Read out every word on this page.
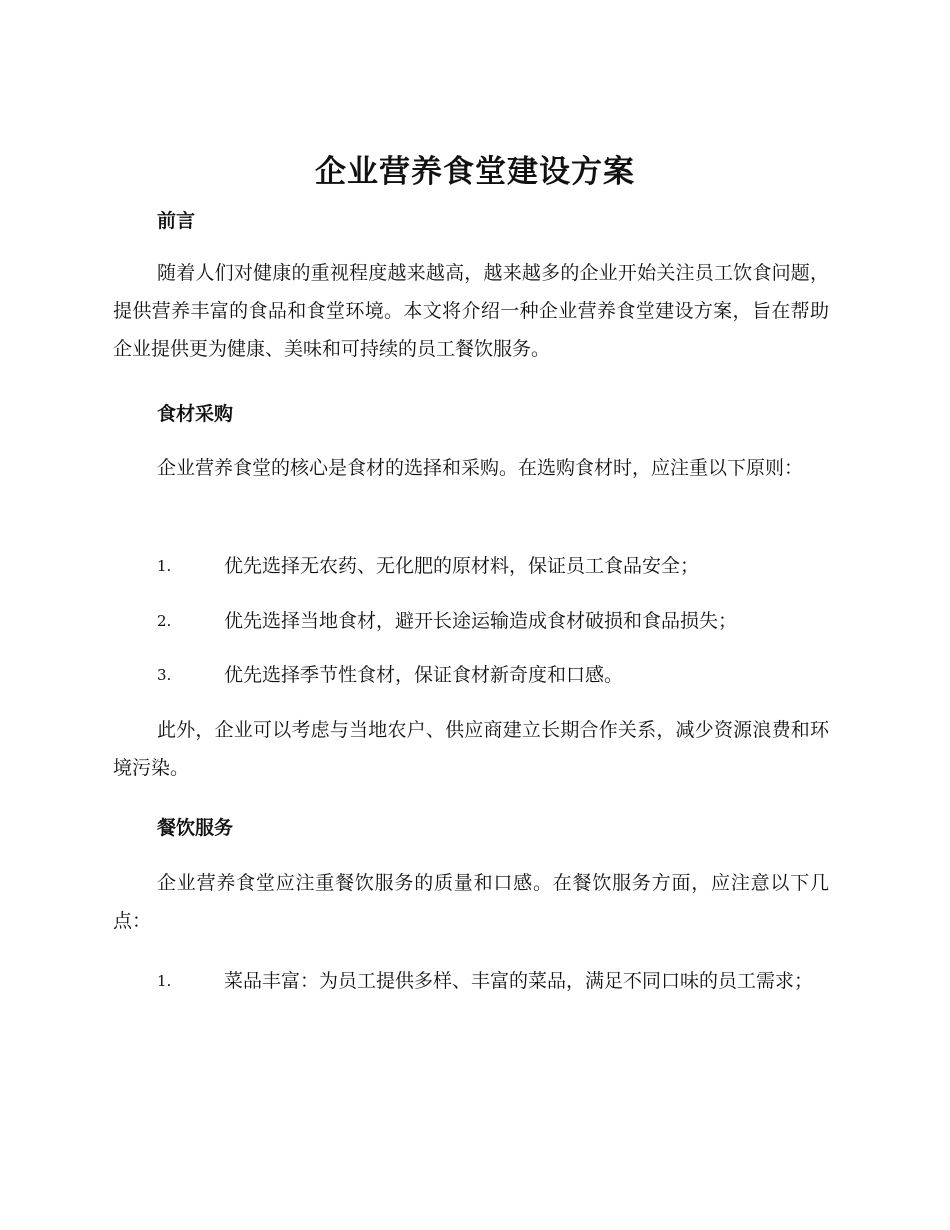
企业营养食堂建设方案
前言

随着人们对健康的重视程度越来越高，越来越多的企业开始关注员工饮食问题，提供营养丰富的食品和食堂环境。本文将介绍一种企业营养食堂建设方案，旨在帮助企业提供更为健康、美味和可持续的员工餐饮服务。

食材采购

企业营养食堂的核心是食材的选择和采购。在选购食材时，应注重以下原则：

1.	优先选择无农药、无化肥的原材料，保证员工食品安全；
2.	优先选择当地食材，避开长途运输造成食材破损和食品损失；
3.	优先选择季节性食材，保证食材新奇度和口感。

此外，企业可以考虑与当地农户、供应商建立长期合作关系，减少资源浪费和环境污染。

餐饮服务

企业营养食堂应注重餐饮服务的质量和口感。在餐饮服务方面，应注意以下几点：

1.	菜品丰富：为员工提供多样、丰富的菜品，满足不同口味的员工需求；
